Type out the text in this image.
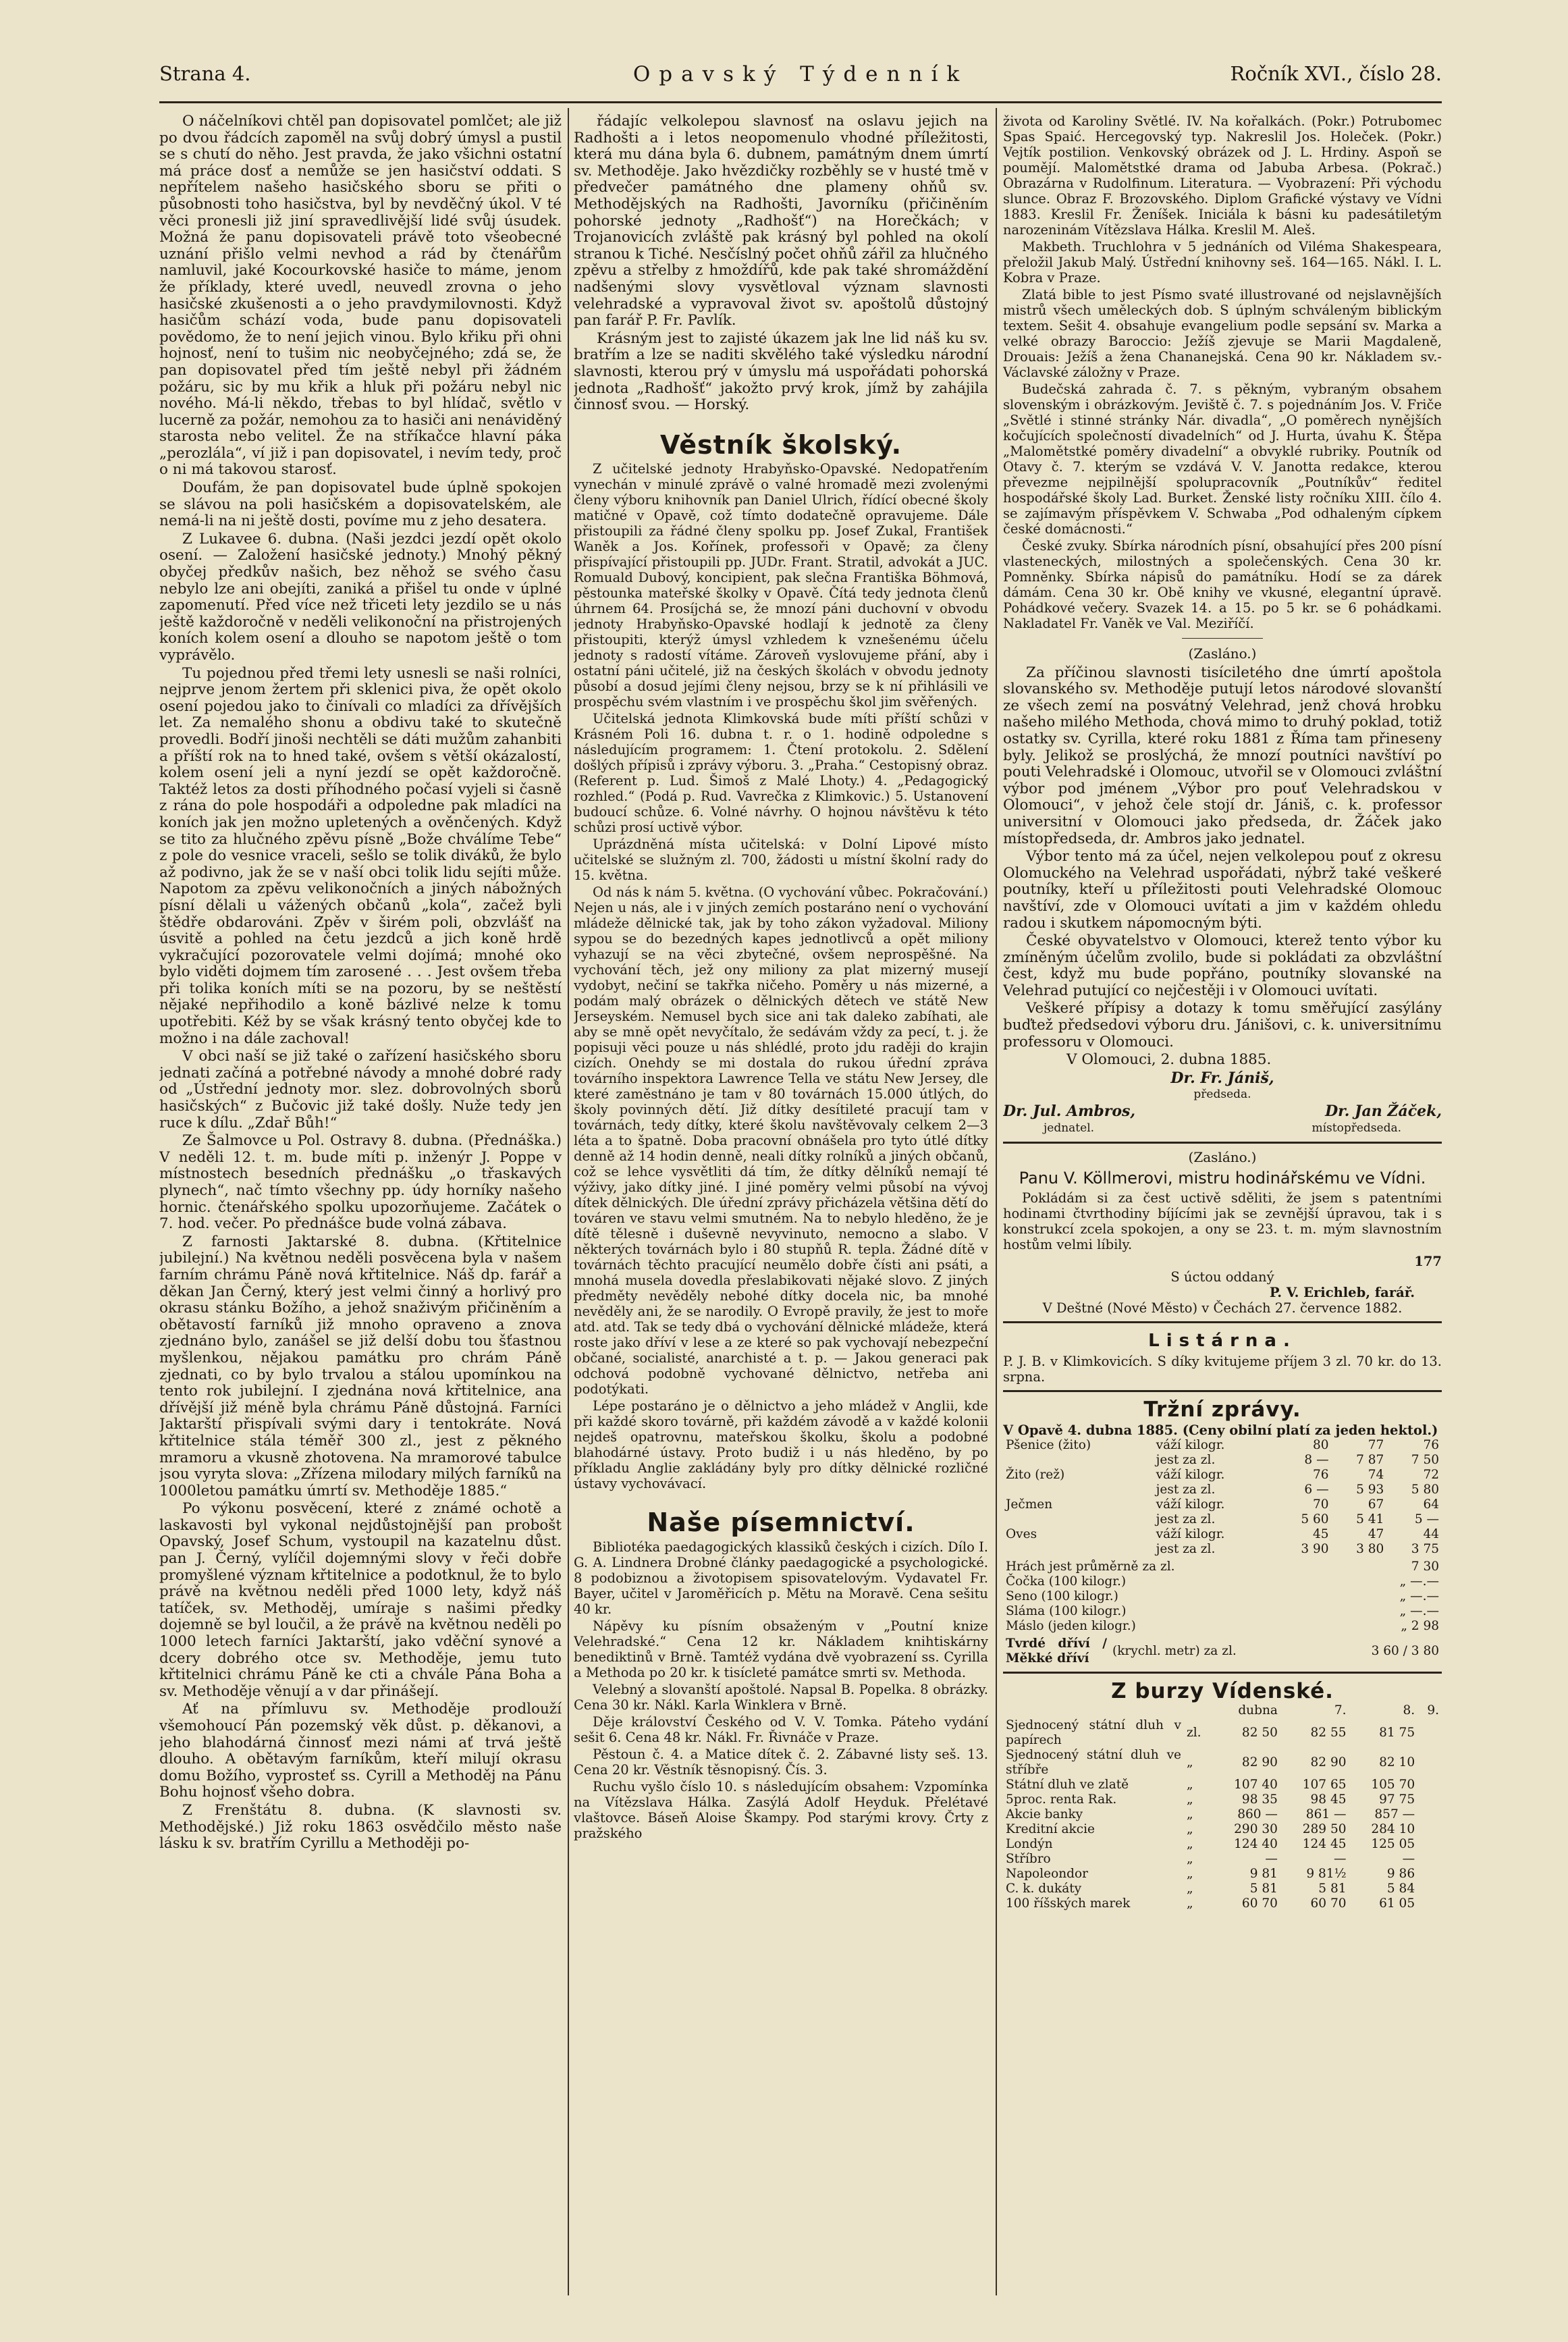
Strana 4.	Opavský Týdenník	Ročník XVI., číslo 28.

O náčelníkovi chtěl pan dopisovatel pomlčet; ale již po dvou řádcích zapoměl na svůj dobrý úmysl a pustil se s chutí do něho. Jest pravda, že jako všichni ostatní má práce dosť a nemůže se jen hasičství oddati. S nepřítelem našeho hasičského sboru se přiti o působnosti toho hasičstva, byl by nevděčný úkol. V té věci pronesli již jiní spravedlivější lidé svůj úsudek. Možná že panu dopisovateli právě toto všeobecné uznání přišlo velmi nevhod a rád by čtenářům namluvil, jaké Kocourkovské hasiče to máme, jenom že příklady, které uvedl, neuvedl zrovna o jeho hasičské zkušenosti a o jeho pravdymilovnosti. Když hasičům schází voda, bude panu dopisovateli povědomo, že to není jejich vinou. Bylo křiku při ohni hojnosť, není to tušim nic neobyčejného; zdá se, že pan dopisovatel před tím ještě nebyl při žádném požáru, sic by mu křik a hluk při požáru nebyl nic nového. Má-li někdo, třebas to byl hlídač, světlo v lucerně za požár, nemohou za to hasiči ani nenáviděný starosta nebo velitel. Že na stříkačce hlavní páka „perozlála“, ví již i pan dopisovatel, i nevím tedy, proč o ni má takovou starosť.

Doufám, že pan dopisovatel bude úplně spokojen se slávou na poli hasičském a dopisovatelském, ale nemá-li na ni ještě dosti, povíme mu z jeho desatera.

Z Lukavee 6. dubna. (Naši jezdci jezdí opět okolo osení. — Založení hasičské jednoty.) Mnohý pěkný obyčej předkův našich, bez něhož se svého času nebylo lze ani obejíti, zaniká a přišel tu onde v úplné zapomenutí. Před více než třiceti lety jezdilo se u nás ještě každoročně v neděli velikonoční na přistrojených koních kolem osení a dlouho se napotom ještě o tom vyprávělo.

Tu pojednou před třemi lety usnesli se naši rolníci, nejprve jenom žertem při sklenici piva, že opět okolo osení pojedou jako to činívali co mladíci za dřívějších let. Za nemalého shonu a obdivu také to skutečně provedli. Bodří jinoši nechtěli se dáti mužům zahanbiti a příští rok na to hned také, ovšem s větší okázalostí, kolem osení jeli a nyní jezdí se opět každoročně. Taktéž letos za dosti příhodného počasí vyjeli si časně z rána do pole hospodáři a odpoledne pak mladíci na koních jak jen možno upletených a ověnčených. Když se tito za hlučného zpěvu písně „Bože chválíme Tebe“ z pole do vesnice vraceli, sešlo se tolik diváků, že bylo až podivno, jak že se v naší obci tolik lidu sejíti může. Napotom za zpěvu velikonočních a jiných nábožných písní dělali u vážených občanů „kola“, začež byli štědře obdarováni. Zpěv v širém poli, obzvlášť na úsvitě a pohled na četu jezdců a jich koně hrdě vykračující pozorovatele velmi dojímá; mnohé oko bylo viděti dojmem tím zarosené . . . Jest ovšem třeba při tolika koních míti se na pozoru, by se neštěstí nějaké nepřihodilo a koně bázlivé nelze k tomu upotřebiti. Kéž by se však krásný tento obyčej kde to možno i na dále zachoval!

V obci naší se již také o zařízení hasičského sboru jednati začíná a potřebné návody a mnohé dobré rady od „Ústřední jednoty mor. slez. dobrovolných sborů hasičských“ z Bučovic již také došly. Nuže tedy jen ruce k dílu. „Zdař Bůh!“

Ze Šalmovce u Pol. Ostravy 8. dubna. (Přednáška.) V neděli 12. t. m. bude míti p. inženýr J. Poppe v místnostech besedních přednášku „o třaskavých plynech“, nač tímto všechny pp. údy horníky našeho hornic. čtenářského spolku upozorňujeme. Začátek o 7. hod. večer. Po přednášce bude volná zábava.

Z farnosti Jaktarské 8. dubna. (Křtitelnice jubilejní.) Na květnou neděli posvěcena byla v našem farním chrámu Páně nová křtitelnice. Náš dp. farář a děkan Jan Černý, který jest velmi činný a horlivý pro okrasu stánku Božího, a jehož snaživým přičiněním a obětavostí farníků již mnoho opraveno a znova zjednáno bylo, zanášel se již delší dobu tou šťastnou myšlenkou, nějakou památku pro chrám Páně zjednati, co by bylo trvalou a stálou upomínkou na tento rok jubilejní. I zjednána nová křtitelnice, ana dřívější již méně byla chrámu Páně důstojná. Farníci Jaktarští přispívali svými dary i tentokráte. Nová křtitelnice stála téměř 300 zl., jest z pěkného mramoru a vkusně zhotovena. Na mramorové tabulce jsou vyryta slova: „Zřízena milodary milých farníků na 1000letou památku úmrtí sv. Methoděje 1885.“

Po výkonu posvěcení, které z známé ochotě a laskavosti byl vykonal nejdůstojnější pan probošt Opavský, Josef Schum, vystoupil na kazatelnu důst. pan J. Černý, vylíčil dojemnými slovy v řeči dobře promyšlené význam křtitelnice a podotknul, že to bylo právě na květnou neděli před 1000 lety, když náš tatíček, sv. Methoděj, umíraje s našimi předky dojemně se byl loučil, a že právě na květnou neděli po 1000 letech farníci Jaktarští, jako vděční synové a dcery dobrého otce sv. Methoděje, jemu tuto křtitelnici chrámu Páně ke cti a chvále Pána Boha a sv. Methoděje věnují a v dar přinášejí.

Ať na přímluvu sv. Methoděje prodlouží všemohoucí Pán pozemský věk důst. p. děkanovi, a jeho blahodárná činnosť mezi námi ať trvá ještě dlouho. A obětavým farníkům, kteří milují okrasu domu Božího, vyprosteť ss. Cyrill a Methoděj na Pánu Bohu hojnosť všeho dobra.

Z Frenštátu 8. dubna. (K slavnosti sv. Methodějské.) Již roku 1863 osvědčilo město naše lásku k sv. bratřím Cyrillu a Methoději po-

řádajíc velkolepou slavnosť na oslavu jejich na Radhošti a i letos neopomenulo vhodné příležitosti, která mu dána byla 6. dubnem, památným dnem úmrtí sv. Methoděje. Jako hvězdičky rozběhly se v husté tmě v předvečer památného dne plameny ohňů sv. Methodějských na Radhošti, Javorníku (přičiněním pohorské jednoty „Radhošť“) na Horečkách; v Trojanovicích zvláště pak krásný byl pohled na okolí stranou k Tiché. Nesčíslný počet ohňů zářil za hlučného zpěvu a střelby z hmoždířů, kde pak také shromáždění nadšenými slovy vysvětloval význam slavnosti velehradské a vypravoval život sv. apoštolů důstojný pan farář P. Fr. Pavlík.

Krásným jest to zajisté úkazem jak lne lid náš ku sv. bratřím a lze se naditi skvělého také výsledku národní slavnosti, kterou prý v úmyslu má uspořádati pohorská jednota „Radhošť“ jakožto prvý krok, jímž by zahájila činnosť svou. — Horský.

Věstník školský.

Z učitelské jednoty Hrabyňsko-Opavské. Nedopatřením vynechán v minulé zprávě o valné hromadě mezi zvolenými členy výboru knihovník pan Daniel Ulrich, řídící obecné školy matičné v Opavě, což tímto dodatečně opravujeme. Dále přistoupili za řádné členy spolku pp. Josef Zukal, František Waněk a Jos. Kořínek, professoři v Opavě; za členy přispívající přistoupili pp. JUDr. Frant. Stratil, advokát a JUC. Romuald Dubový, koncipient, pak slečna Františka Böhmová, pěstounka mateřské školky v Opavě. Čítá tedy jednota členů úhrnem 64. Prosíjchá se, že mnozí páni duchovní v obvodu jednoty Hrabyňsko-Opavské hodlají k jednotě za členy přistoupiti, kterýž úmysl vzhledem k vznešenému účelu jednoty s radostí vítáme. Zároveň vyslovujeme přání, aby i ostatní páni učitelé, již na českých školách v obvodu jednoty působí a dosud jejími členy nejsou, brzy se k ní přihlásili ve prospěchu svém vlastním i ve prospěchu škol jim svěřených.

Učitelská jednota Klimkovská bude míti příští schůzi v Krásném Poli 16. dubna t. r. o 1. hodině odpoledne s následujícím programem: 1. Čtení protokolu. 2. Sdělení došlých přípisů i zprávy výboru. 3. „Praha.“ Cestopisný obraz. (Referent p. Lud. Šimoš z Malé Lhoty.) 4. „Pedagogický rozhled.“ (Podá p. Rud. Vavrečka z Klimkovic.) 5. Ustanovení budoucí schůze. 6. Volné návrhy. O hojnou návštěvu k této schůzi prosí uctivě výbor.

Uprázdněná místa učitelská: v Dolní Lipové místo učitelské se služným zl. 700, žádosti u místní školní rady do 15. května.

Od nás k nám 5. května. (O vychování vůbec. Pokračování.) Nejen u nás, ale i v jiných zemích postaráno není o vychování mládeže dělnické tak, jak by toho zákon vyžadoval. Miliony sypou se do bezedných kapes jednotlivců a opět miliony vyhazují se na věci zbytečné, ovšem neprospěšné. Na vychování těch, jež ony miliony za plat mizerný musejí vydobyt, nečiní se takřka ničeho. Poměry u nás mizerné, a podám malý obrázek o dělnických dětech ve státě New Jerseyském. Nemusel bych sice ani tak daleko zabíhati, ale aby se mně opět nevyčítalo, že sedávám vždy za pecí, t. j. že popisuji věci pouze u nás shlédlé, proto jdu raději do krajin cizích. Onehdy se mi dostala do rukou úřední zpráva továrního inspektora Lawrence Tella ve státu New Jersey, dle které zaměstnáno je tam v 80 továrnách 15.000 útlých, do školy povinných dětí. Již dítky desítileté pracují tam v továrnách, tedy dítky, které školu navštěvovaly celkem 2—3 léta a to špatně. Doba pracovní obnášela pro tyto útlé dítky denně až 14 hodin denně, neali dítky rolníků a jiných občanů, což se lehce vysvětliti dá tím, že dítky dělníků nemají té výživy, jako dítky jiné. I jiné poměry velmi působí na vývoj dítek dělnických. Dle úřední zprávy přicházela většina dětí do továren ve stavu velmi smutném. Na to nebylo hleděno, že je dítě tělesně i duševně nevyvinuto, nemocno a slabo. V některých továrnách bylo i 80 stupňů R. tepla. Žádné dítě v továrnách těchto pracující neumělo dobře čísti ani psáti, a mnohá musela dovedla přeslabikovati nějaké slovo. Z jiných předměty nevěděly nebohé dítky docela nic, ba mnohé nevěděly ani, že se narodily. O Evropě pravily, že jest to moře atd. atd. Tak se tedy dbá o vychování dělnické mládeže, která roste jako dříví v lese a ze které so pak vychovají nebezpeční občané, socialisté, anarchisté a t. p. — Jakou generaci pak odchová podobně vychované dělnictvo, netřeba ani podotýkati.

Lépe postaráno je o dělnictvo a jeho mládež v Anglii, kde při každé skoro továrně, při každém závodě a v každé kolonii nejdeš opatrovnu, mateřskou školku, školu a podobné blahodárné ústavy. Proto budiž i u nás hleděno, by po příkladu Anglie zakládány byly pro dítky dělnické rozličné ústavy vychovávací.

Naše písemnictví.

Bibliotéka paedagogických klassiků českých i cizích. Dílo I. G. A. Lindnera Drobné články paedagogické a psychologické. 8 podobiznou a životopisem spisovatelovým. Vydavatel Fr. Bayer, učitel v Jaroměřicích p. Mětu na Moravě. Cena sešitu 40 kr.

Nápěvy ku písním obsaženým v „Poutní knize Velehradské.“ Cena 12 kr. Nákladem knihtiskárny benediktinů v Brně. Tamtéž vydána dvě vyobrazení ss. Cyrilla a Methoda po 20 kr. k tisícleté památce smrti sv. Methoda.

Velebný a slovanští apoštolé. Napsal B. Popelka. 8 obrázky. Cena 30 kr. Nákl. Karla Winklera v Brně.

Děje království Českého od V. V. Tomka. Páteho vydání sešit 6. Cena 48 kr. Nákl. Fr. Řivnáče v Praze.

Pěstoun č. 4. a Matice dítek č. 2. Zábavné listy seš. 13. Cena 20 kr. Věstník těsnopisný. Čís. 3.

Ruchu vyšlo číslo 10. s následujícím obsahem: Vzpomínka na Vítězslava Hálka. Zasýlá Adolf Heyduk. Přelétavé vlaštovce. Báseň Aloise Škampy. Pod starými krovy. Črty z pražského

života od Karoliny Světlé. IV. Na kořalkách. (Pokr.) Potrubomec Spas Spaić. Hercegovský typ. Nakreslil Jos. Holeček. (Pokr.) Vejtík postilion. Venkovský obrázek od J. L. Hrdiny. Aspoň se poumějí. Malomětstké drama od Jabuba Arbesa. (Pokrač.) Obrazárna v Rudolfinum. Literatura. — Vyobrazení: Při východu slunce. Obraz F. Brozovského. Diplom Grafické výstavy ve Vídni 1883. Kreslil Fr. Ženíšek. Iniciála k básni ku padesátiletým narozeninám Vítězslava Hálka. Kreslil M. Aleš.

Makbeth. Truchlohra v 5 jednáních od Viléma Shakespeara, přeložil Jakub Malý. Ústřední knihovny seš. 164—165. Nákl. I. L. Kobra v Praze.

Zlatá bible to jest Písmo svaté illustrované od nejslavnějších mistrů všech uměleckých dob. S úplným schváleným biblickým textem. Sešit 4. obsahuje evangelium podle sepsání sv. Marka a velké obrazy Baroccio: Ježíš zjevuje se Marii Magdaleně, Drouais: Ježíš a žena Chananejská. Cena 90 kr. Nákladem sv.-Václavské záložny v Praze.

Budečská zahrada č. 7. s pěkným, vybraným obsahem slovenským i obrázkovým. Jeviště č. 7. s pojednáním Jos. V. Friče „Světlé i stinné stránky Nár. divadla“, „O poměrech nynějších kočujících společností divadelních“ od J. Hurta, úvahu K. Štěpa „Malomětstké poměry divadelní“ a obvyklé rubriky. Poutník od Otavy č. 7. kterým se vzdává V. V. Janotta redakce, kterou převezme nejpilnější spolupracovník „Poutníkův“ ředitel hospodářské školy Lad. Burket. Ženské listy ročníku XIII. čílo 4. se zajímavým příspěvkem V. Schwaba „Pod odhaleným cípkem české domácnosti.“

České zvuky. Sbírka národních písní, obsahující přes 200 písní vlasteneckých, milostných a společenských. Cena 30 kr. Pomněnky. Sbírka nápisů do památníku. Hodí se za dárek dámám. Cena 30 kr. Obě knihy ve vkusné, elegantní úpravě. Pohádkové večery. Svazek 14. a 15. po 5 kr. se 6 pohádkami. Nakladatel Fr. Vaněk ve Val. Meziříčí.

(Zasláno.)

Za příčinou slavnosti tisíciletého dne úmrtí apoštola slovanského sv. Methoděje putují letos národové slovanští ze všech zemí na posvátný Velehrad, jenž chová hrobku našeho milého Methoda, chová mimo to druhý poklad, totiž ostatky sv. Cyrilla, které roku 1881 z Říma tam přineseny byly. Jelikož se proslýchá, že mnozí poutníci navštíví po pouti Velehradské i Olomouc, utvořil se v Olomouci zvláštní výbor pod jménem „Výbor pro pouť Velehradskou v Olomouci“, v jehož čele stojí dr. Jániš, c. k. professor universitní v Olomouci jako předseda, dr. Žáček jako místopředseda, dr. Ambros jako jednatel.

Výbor tento má za účel, nejen velkolepou pouť z okresu Olomuckého na Velehrad uspořádati, nýbrž také veškeré poutníky, kteří u příležitosti pouti Velehradské Olomouc navštíví, zde v Olomouci uvítati a jim v každém ohledu radou i skutkem nápomocným býti.

České obyvatelstvo v Olomouci, kterež tento výbor ku zmíněným účelům zvolilo, bude si pokládati za obzvláštní čest, když mu bude popřáno, poutníky slovanské na Velehrad putující co nejčestěji i v Olomouci uvítati.

Veškeré přípisy a dotazy k tomu směřující zasýlány buďtež předsedovi výboru dru. Jánišovi, c. k. universitnímu professoru v Olomouci.

V Olomouci, 2. dubna 1885.

Dr. Fr. Jániš,
předseda.
Dr. Jul. Ambros,	Dr. Jan Žáček,
jednatel.	místopředseda.
(Zasláno.)
Panu V. Köllmerovi, mistru hodinářskému ve Vídni.

Pokládám si za čest uctivě sděliti, že jsem s patentními hodinami čtvrthodiny bíjícími jak se zevnější úpravou, tak i s konstrukcí zcela spokojen, a ony se 23. t. m. mým slavnostním hostům velmi líbily.

177
S úctou oddaný
P. V. Erichleb, farář.
V Deštné (Nové Město) v Čechách 27. července 1882.
Listárna.
P. J. B. v Klimkovicích. S díky kvitujeme příjem 3 zl. 70 kr. do 13. srpna.
Tržní zprávy.
V Opavě 4. dubna 1885. (Ceny obilní platí za jeden hektol.)
Pšenice (žito)	váží kilogr.	80	77	76
	jest za zl.	8 —	7 87	7 50
Žito (rež)	váží kilogr.	76	74	72
	jest za zl.	6 —	5 93	5 80
Ječmen	váží kilogr.	70	67	64
	jest za zl.	5 60	5 41	5 —
Oves	váží kilogr.	45	47	44
	jest za zl.	3 90	3 80	3 75
Hrách jest průměrně za zl.	7 30
Čočka (100 kilogr.)	„ —.—
Seno (100 kilogr.)	„ —.—
Sláma (100 kilogr.)	„ —.—
Máslo (jeden kilogr.)	„ 2 98
Tvrdé dříví / Měkké dříví	(krychl. metr) za zl.	3 60 / 3 80
Z burzy Vídenské.
		dubna	7.	8.	9.
Sjednocený státní dluh v papírech	zl.	82 50	82 55	81 75	
Sjednocený státní dluh ve stříbře	„	82 90	82 90	82 10	
Státní dluh ve zlatě	„	107 40	107 65	105 70	
5proc. renta Rak.	„	98 35	98 45	97 75	
Akcie banky	„	860 —	861 —	857 —	
Kreditní akcie	„	290 30	289 50	284 10	
Londýn	„	124 40	124 45	125 05	
Stříbro	„	—	—	—	
Napoleondor	„	9 81	9 81½	9 86	
C. k. dukáty	„	5 81	5 81	5 84	
100 říšských marek	„	60 70	60 70	61 05	
